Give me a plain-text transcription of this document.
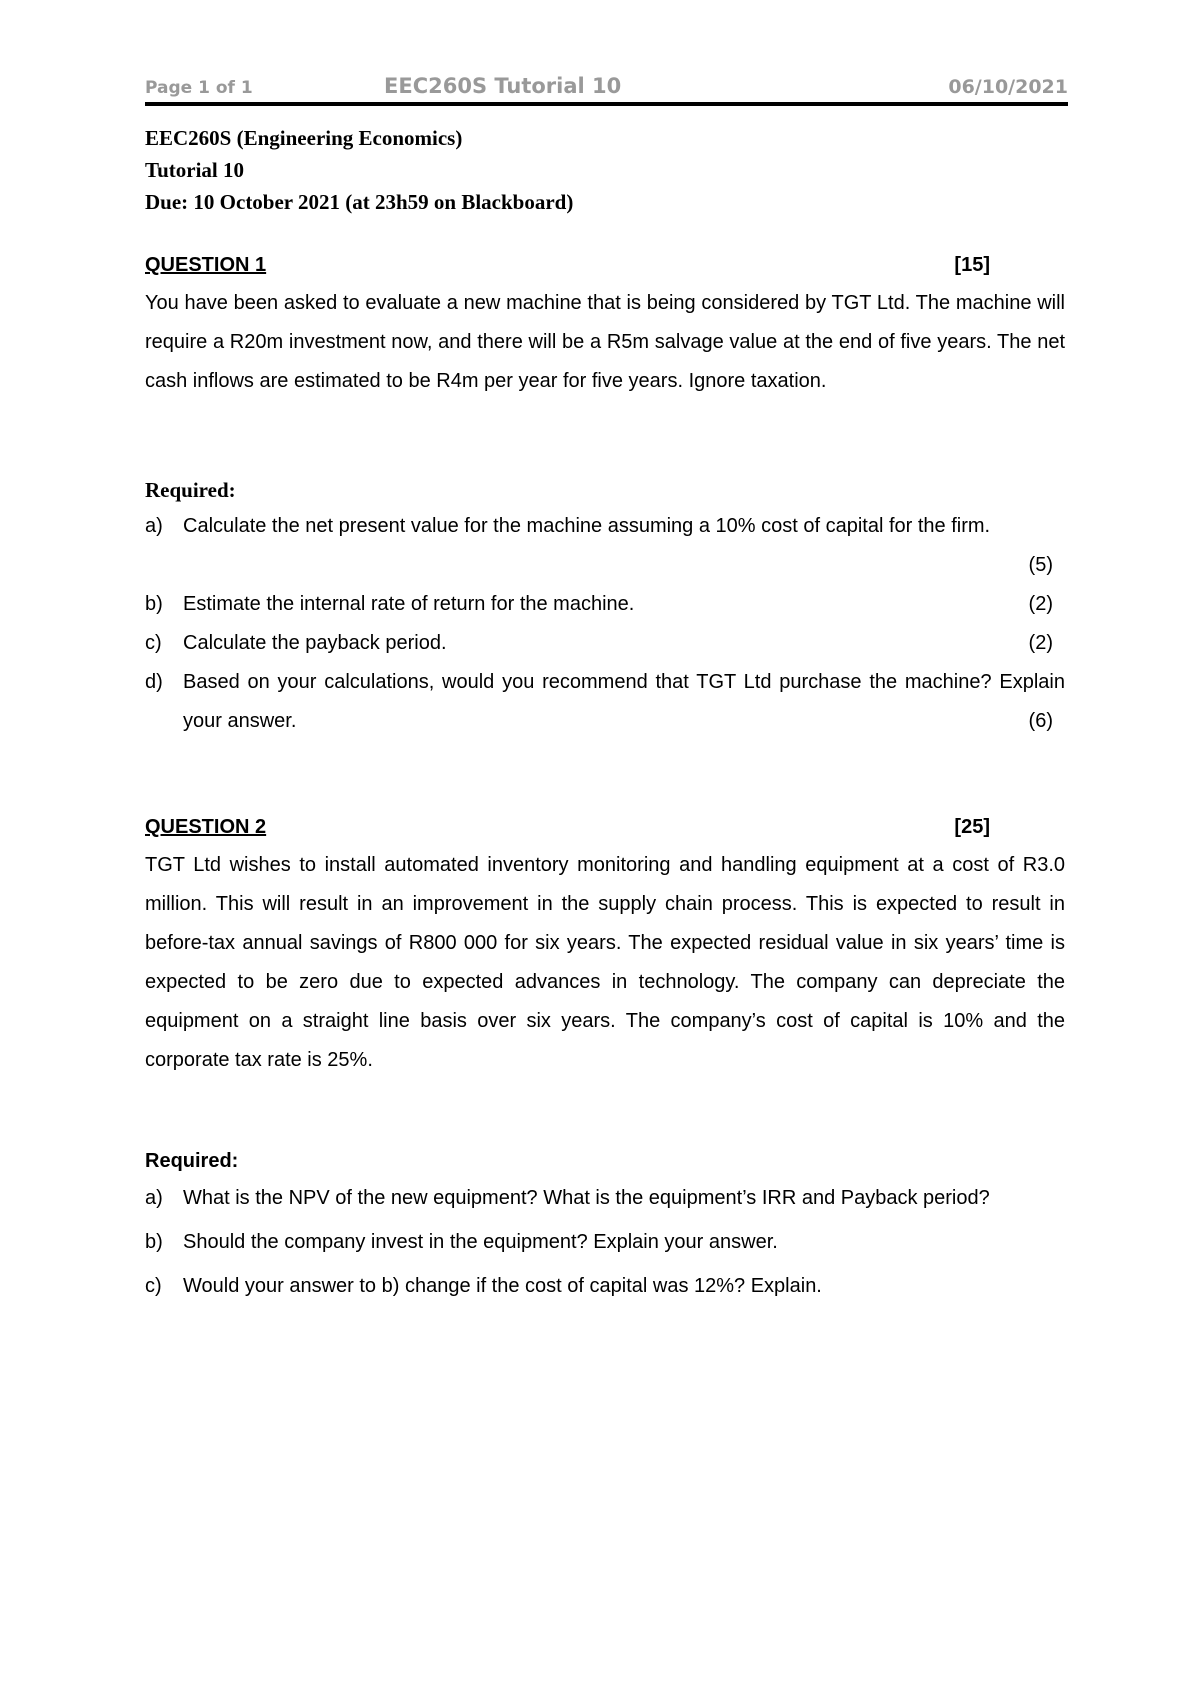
Page 1 of 1	EEC260S Tutorial 10	06/10/2021
EEC260S (Engineering Economics)
Tutorial 10
Due: 10 October 2021 (at 23h59 on Blackboard)
QUESTION 1	[15]
You have been asked to evaluate a new machine that is being considered by TGT Ltd. The machine will require a R20m investment now, and there will be a R5m salvage value at the end of five years. The net cash inflows are estimated to be R4m per year for five years. Ignore taxation.
Required:
a) Calculate the net present value for the machine assuming a 10% cost of capital for the firm.
(5)
b) Estimate the internal rate of return for the machine.	(2)
c) Calculate the payback period.	(2)
d) Based on your calculations, would you recommend that TGT Ltd purchase the machine? Explain your answer.	(6)
QUESTION 2	[25]
TGT Ltd wishes to install automated inventory monitoring and handling equipment at a cost of R3.0 million. This will result in an improvement in the supply chain process. This is expected to result in before-tax annual savings of R800 000 for six years. The expected residual value in six years’ time is expected to be zero due to expected advances in technology. The company can depreciate the equipment on a straight line basis over six years. The company’s cost of capital is 10% and the corporate tax rate is 25%.
Required:
a) What is the NPV of the new equipment? What is the equipment’s IRR and Payback period?
b) Should the company invest in the equipment? Explain your answer.
c) Would your answer to b) change if the cost of capital was 12%? Explain.
